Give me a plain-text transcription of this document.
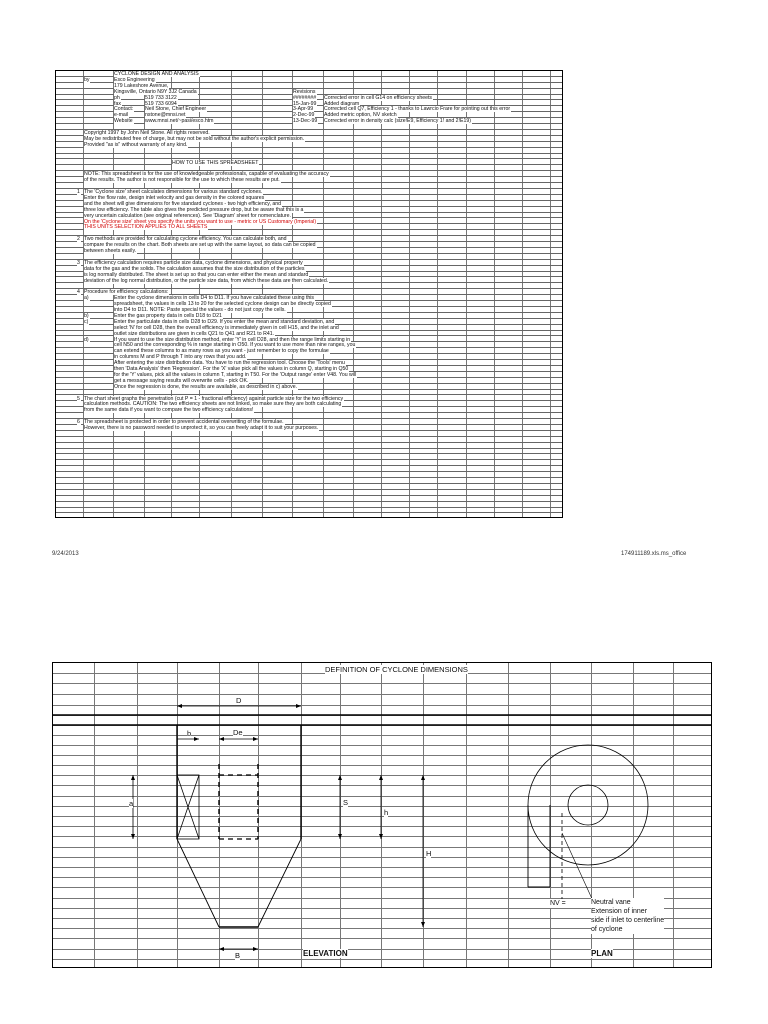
CYCLONE DESIGN AND ANALYSIS
by	Esco Engineering
179 Lakeshore Avenue,
Kingsville, Ontario N9Y 3J2 Canada	Revisions
ph	519 733 3122
fax	519 733 6094
Contact: Neil Stone, Chief Engineer
e-mail	nstone@mnsi.net
Website www.mnsi.net/~pasi/esco.htm
######## Corrected error in cell G14 on efficiency sheets
15-Jan-99 Added diagram
3-Apr-99 Corrected cell Q7, Efficiency 1 - thanks to Lawrcio Frare for pointing out this error
2-Dec-99 Added metric option, NV sketch
13-Dec-99 Corrected error in density calc (size!E9, Efficiency 1! and 2!E19)
Copyright 1997 by John Neil Stone. All rights reserved.
May be redistributed free of charge, but may not be sold without the author's explicit permission.
Provided "as is" without warranty of any kind.
HOW TO USE THIS SPREADSHEET
NOTE: This spreadsheet is for the use of knowledgeable professionals, capable of evaluating the accuracy
of the results. The author is not responsible for the use to which these results are put.
1 The 'Cyclone size' sheet calculates dimensions for various standard cyclones.
Enter the flow rate, design inlet velocity and gas density in the colored squares
and the sheet will give dimensions for five standard cyclones - two high efficiency, and
three low efficiency. The table also gives the predicted pressure drop, but be aware that this is a
very uncertain calculation (see original references). See 'Diagram' sheet for nomenclature.
On the 'Cyclone size' sheet you specify the units you want to use - metric or US Customary (Imperial)
THIS UNITS SELECTION APPLIES TO ALL SHEETS
2 Two methods are provided for calculating cyclone efficiency. You can calculate both, and
compare the results on the chart. Both sheets are set up with the same layout, so data can be copied
between sheets easily.
3 The efficiency calculation requires particle size data, cyclone dimensions, and physical property
data for the gas and the solids. The calculation assumes that the size distribution of the particles
is log normally distributed. The sheet is set up so that you can enter either the mean and standard
deviation of the log normal distribution, or the particle size data, from which these data are then calculated.
4 Procedure for efficiency calculations:
a)	Enter the cyclone dimensions in cells D4 to D11. If you have calculated these using this
spreadsheet, the values in cells 13 to 20 for the selected cyclone design can be directly copied
into D4 to D11. NOTE: Paste special the values - do not just copy the cells.
b)	Enter the gas property data in cells D18 to D21
c)	Enter the particulate data in cells D28 to D29. If you enter the mean and standard deviation, and
select 'N' for cell D28, then the overall efficiency is immediately given in cell H15, and the inlet and
outlet size distributions are given in cells Q21 to Q41 and R21 to R41.
d)	If you want to use the size distribution method, enter 'Y' in cell D28, and then the range limits starting in
cell N50 and the corresponding % in range starting in O50. If you want to use more than nine ranges, you
can extend these columns to as many rows as you want - just remember to copy the formulae
in columns M and P through T into any rows that you add.
After entering the size distribution data. You have to run the regression tool. Choose the 'Tools' menu
then 'Data Analysis' then 'Regression'. For the 'X' value pick all the values in column Q, starting in Q50
for the 'Y' values, pick all the values in column T, starting in T50. For the 'Output range' enter V48. You will
get a message saying results will overwrite cells - pick OK.
Once the regression is done, the results are available, as described in c) above.
5 The chart sheet graphs the penetration (cut P = 1 - fractional efficiency) against particle size for the two efficiency
calculation methods. CAUTION: The two efficiency sheets are not linked, so make sure they are both calculating
from the same data if you want to compare the two efficiency calculations!
6 The spreadsheet is protected in order to prevent accidental overwriting of the formulae.
However, there is no password needed to unprotect it, so you can freely adapt it to suit your purposes.
9/24/2013	174911189.xls.ms_office
DEFINITION OF CYCLONE DIMENSIONS
D
b	De
a	S
h
H
B	ELEVATION	PLAN
NV =	Neutral vane
Extension of inner
side if inlet to centerline
of cyclone
